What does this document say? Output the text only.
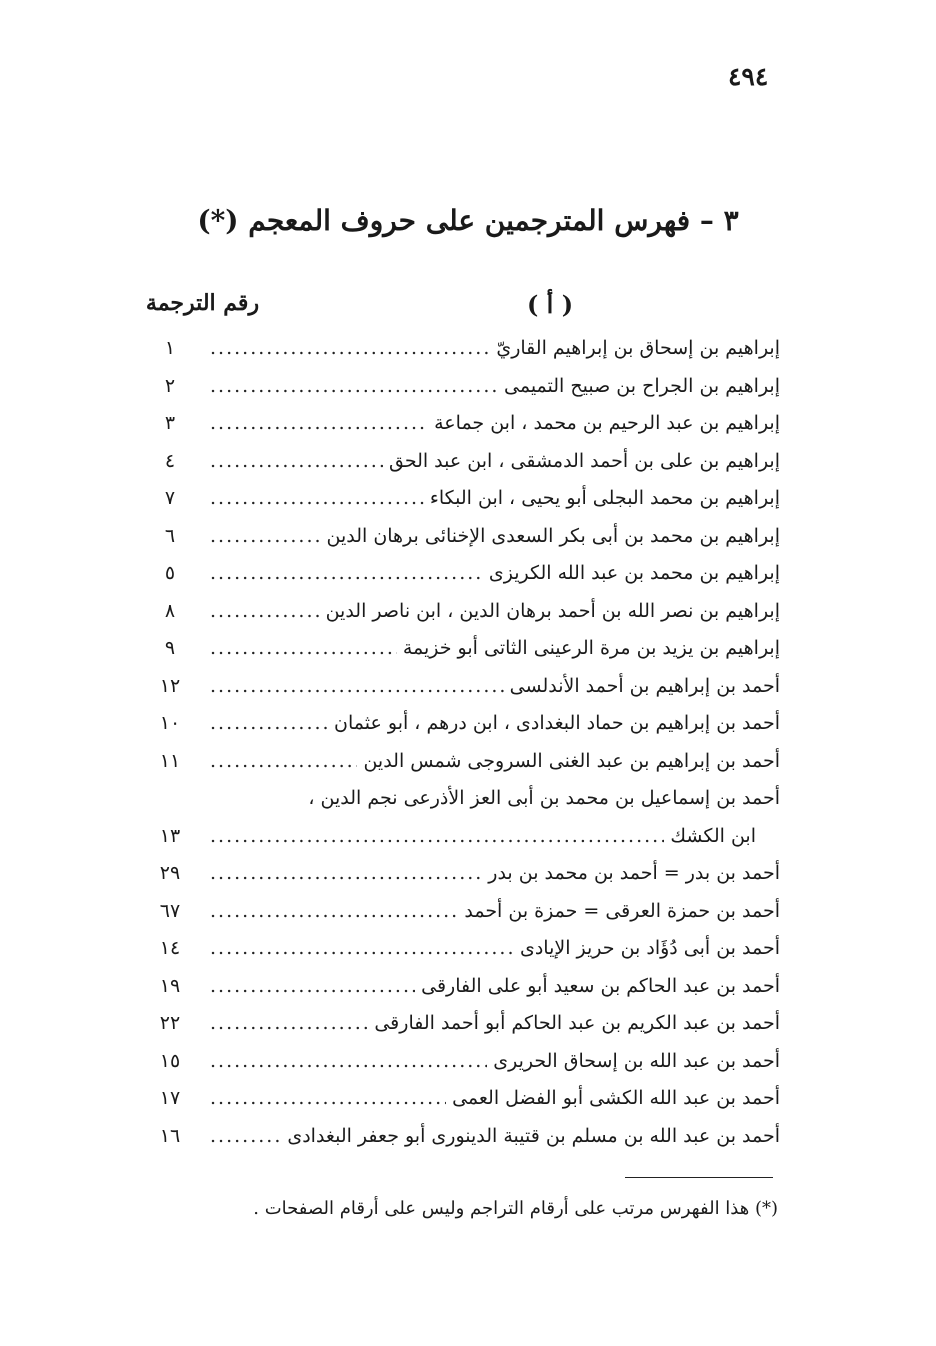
٤٩٤
٣ – فهرس المترجمين على حروف المعجم (*)
رقم الترجمة	( أ )
إبراهيم بن إسحاق بن إبراهيم القاريّ
.....
١
إبراهيم بن الجراح بن صبيح التميمى
.....
٢
إبراهيم بن عبد الرحيم بن محمد ، ابن جماعة
.....
٣
إبراهيم بن على بن أحمد الدمشقى ، ابن عبد الحق
.....
٤
إبراهيم بن محمد البجلى أبو يحيى ، ابن البكاء
.....
٧
إبراهيم بن محمد بن أبى بكر السعدى الإخنائى برهان الدين
.....
٦
إبراهيم بن محمد بن عبد الله الكريزى
.....
٥
إبراهيم بن نصر الله بن أحمد برهان الدين ، ابن ناصر الدين
.....
٨
إبراهيم بن يزيد بن مرة الرعينى الثاتى أبو خزيمة
.....
٩
أحمد بن إبراهيم بن أحمد الأندلسى
.....
١٢
أحمد بن إبراهيم بن حماد البغدادى ، ابن درهم ، أبو عثمان
.....
١٠
أحمد بن إبراهيم بن عبد الغنى السروجى شمس الدين
.....
١١
أحمد بن إسماعيل بن محمد بن أبى العز الأذرعى نجم الدين ،
ابن الكشك
.....
١٣
أحمد بن بدر = أحمد بن محمد بن بدر
.....
٢٩
أحمد بن حمزة العرقى = حمزة بن أحمد
.....
٦٧
أحمد بن أبى دُؤَاد بن حريز الإيادى
.....
١٤
أحمد بن عبد الحاكم بن سعيد أبو على الفارقى
.....
١٩
أحمد بن عبد الكريم بن عبد الحاكم أبو أحمد الفارقى
.....
٢٢
أحمد بن عبد الله بن إسحاق الحريرى
.....
١٥
أحمد بن عبد الله الكشى أبو الفضل العمى
.....
١٧
أحمد بن عبد الله بن مسلم بن قتيبة الدينورى أبو جعفر البغدادى
.....
١٦
(*) هذا الفهرس مرتب على أرقام التراجم وليس على أرقام الصفحات .
